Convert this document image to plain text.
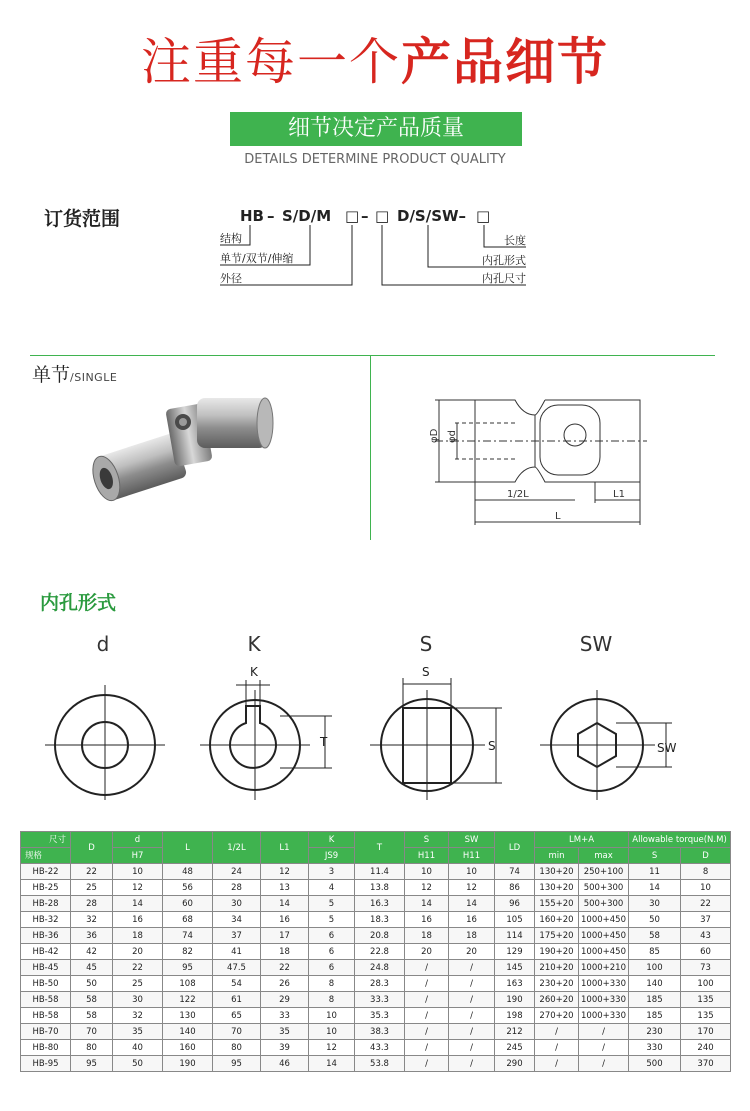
注重每一个产品细节
细节决定产品质量
DETAILS DETERMINE PRODUCT QUALITY
订货范围	HB – S/D/M □ – □ D/S/SW– □
结构
单节/双节/伸缩
外径
长度
内孔形式
内孔尺寸
单节/SINGLE
φD φd
1/2L	L1
L
内孔形式
d	K	S	SW
K
T
S
S	SW
尺寸	D	d	L	1/2L	L1	K	T	S	SW	LD	LM+A		Allowable torque(N.M)	

规格		H7				JS9		H11	H11		min	max	S	D
HB-22	22	10	48	24	12	3	11.4	10	10	74	130+20	250+100	11	8
HB-25	25	12	56	28	13	4	13.8	12	12	86	130+20	500+300	14	10
HB-28	28	14	60	30	14	5	16.3	14	14	96	155+20	500+300	30	22
HB-32	32	16	68	34	16	5	18.3	16	16	105	160+20	1000+450	50	37
HB-36	36	18	74	37	17	6	20.8	18	18	114	175+20	1000+450	58	43
HB-42	42	20	82	41	18	6	22.8	20	20	129	190+20	1000+450	85	60
HB-45	45	22	95	47.5	22	6	24.8	/	/	145	210+20	1000+210	100	73
HB-50	50	25	108	54	26	8	28.3	/	/	163	230+20	1000+330	140	100
HB-58	58	30	122	61	29	8	33.3	/	/	190	260+20	1000+330	185	135
HB-58	58	32	130	65	33	10	35.3	/	/	198	270+20	1000+330	185	135
HB-70	70	35	140	70	35	10	38.3	/	/	212	/	/	230	170
HB-80	80	40	160	80	39	12	43.3	/	/	245	/	/	330	240
HB-95	95	50	190	95	46	14	53.8	/	/	290	/	/	500	370
